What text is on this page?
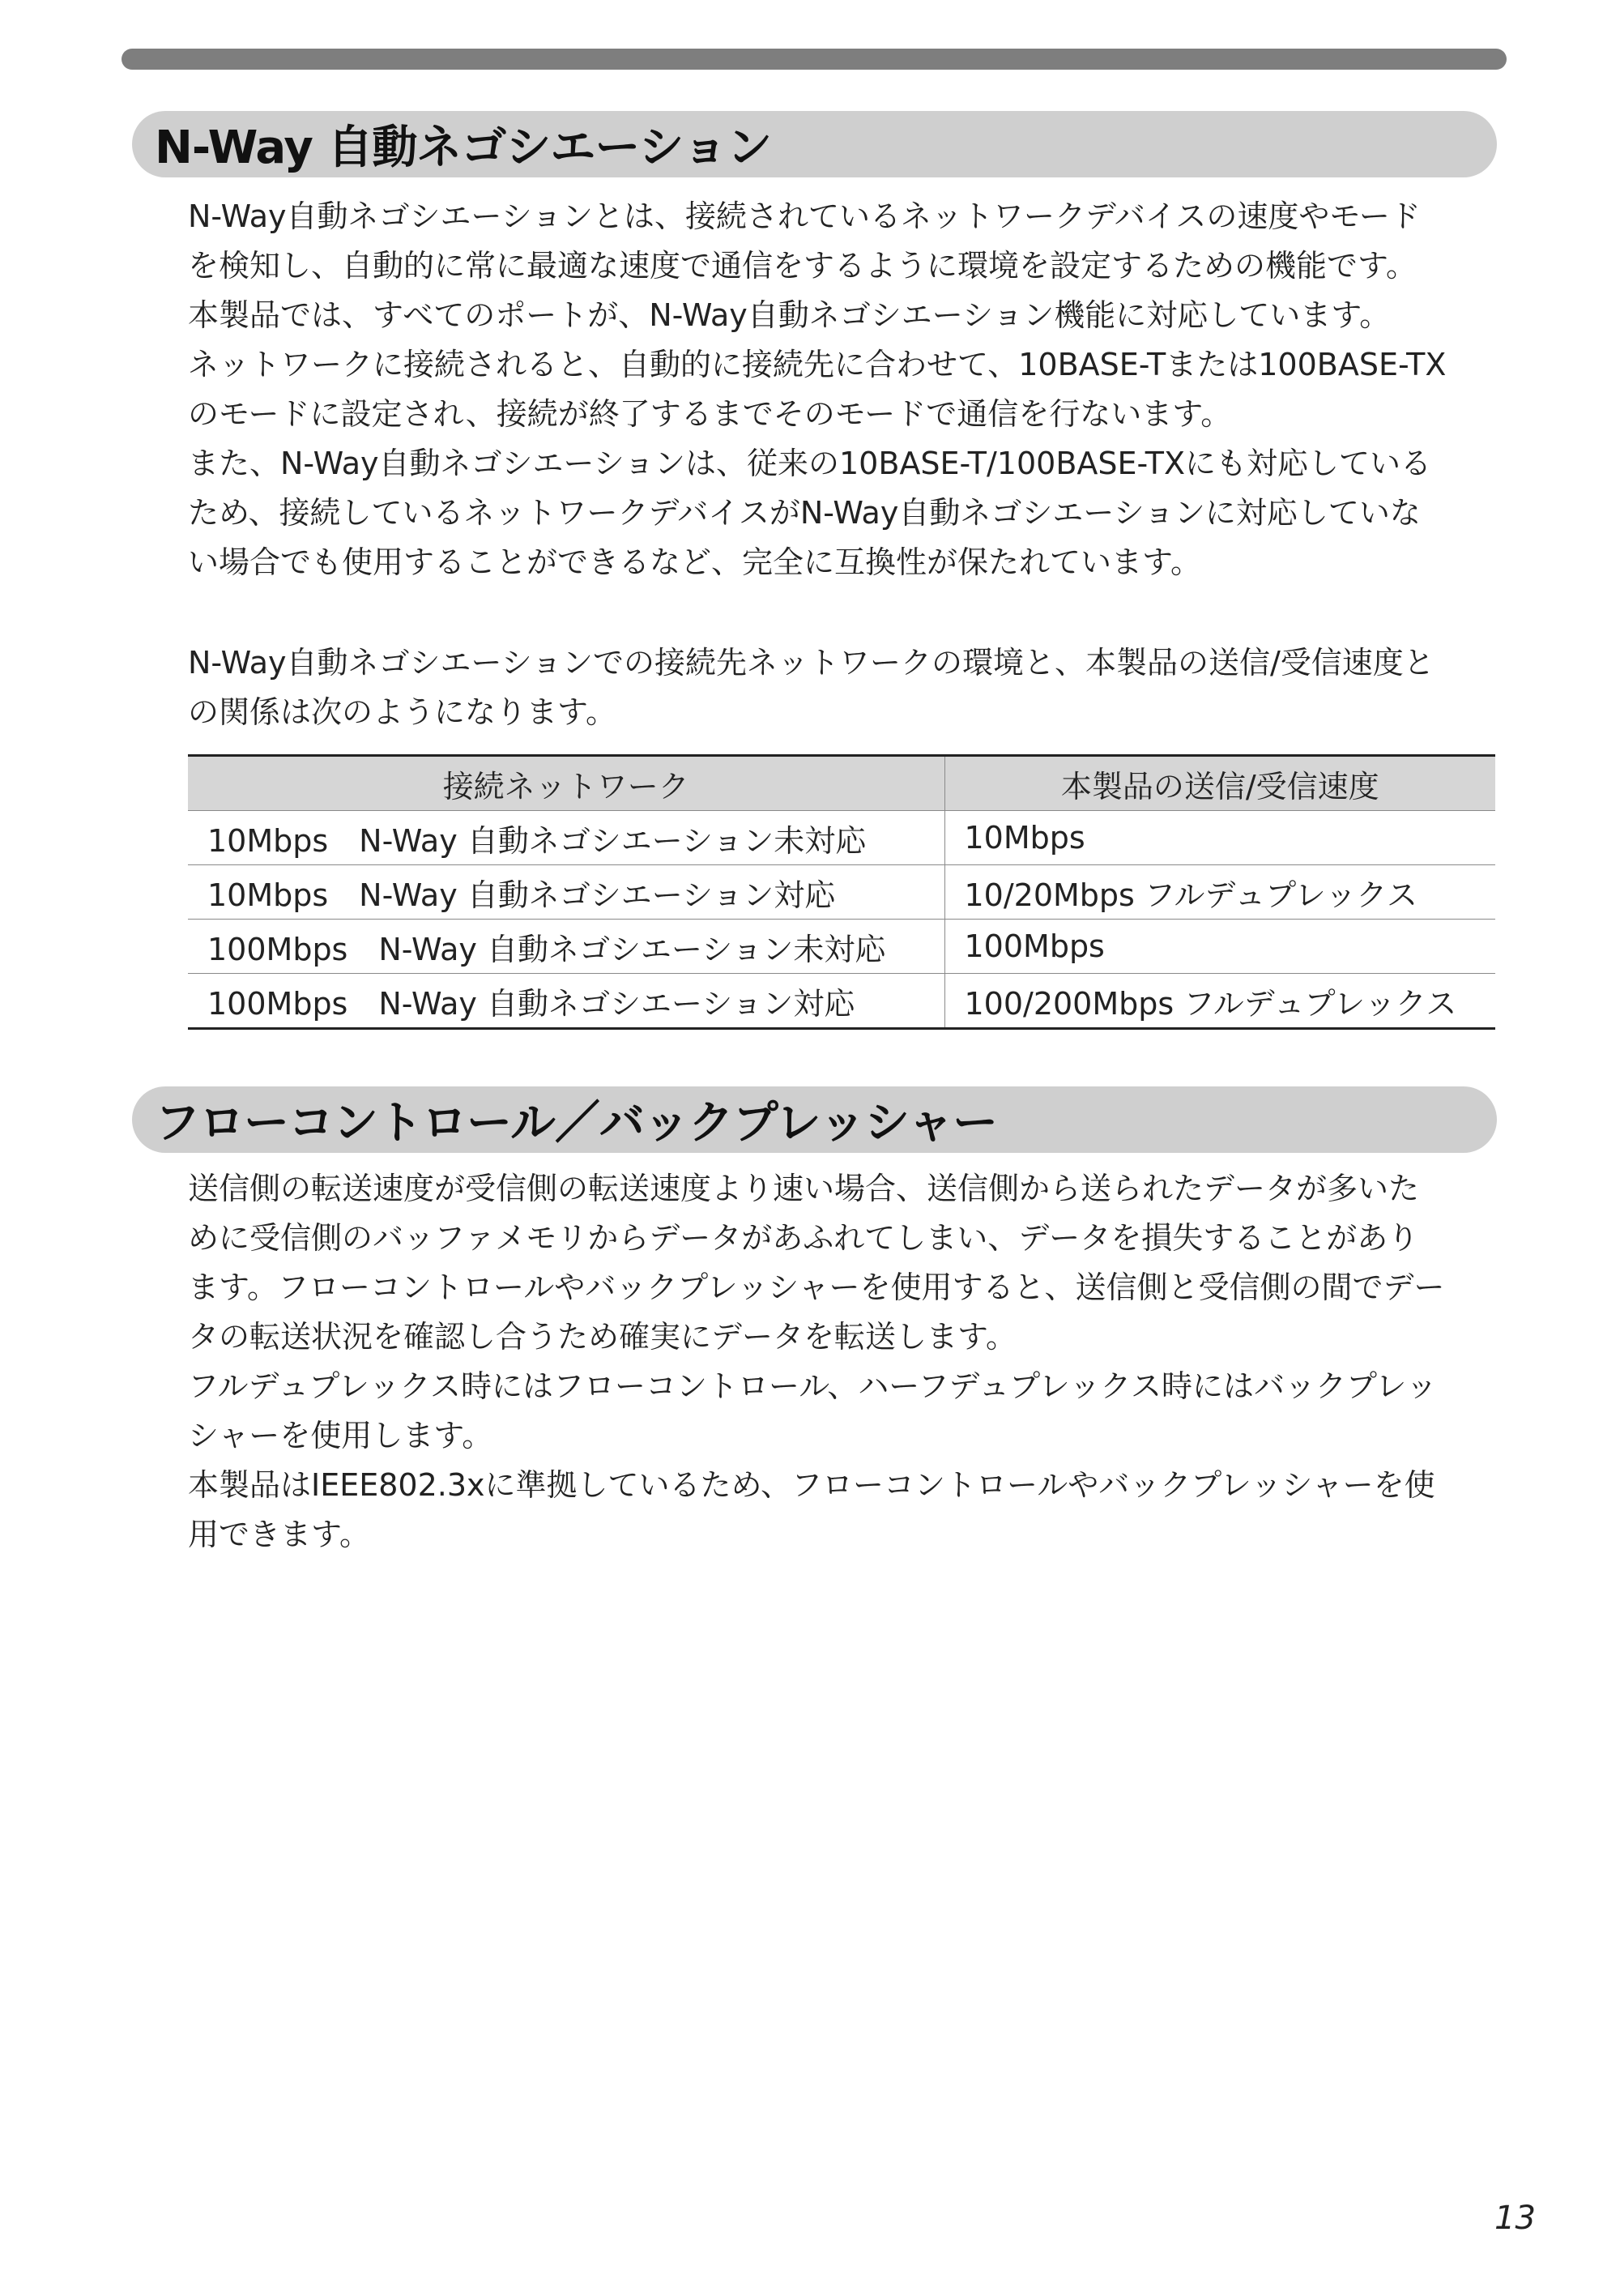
N-Way 自動ネゴシエーション

N-Way自動ネゴシエーションとは、接続されているネットワークデバイスの速度やモード

を検知し、自動的に常に最適な速度で通信をするように環境を設定するための機能です。

本製品では、すべてのポートが、N-Way自動ネゴシエーション機能に対応しています。

ネットワークに接続されると、自動的に接続先に合わせて、10BASE-Tまたは100BASE-TX

のモードに設定され、接続が終了するまでそのモードで通信を行ないます。

また、N-Way自動ネゴシエーションは、従来の10BASE-T/100BASE-TXにも対応している

ため、接続しているネットワークデバイスがN-Way自動ネゴシエーションに対応していな

い場合でも使用することができるなど、完全に互換性が保たれています。

N-Way自動ネゴシエーションでの接続先ネットワークの環境と、本製品の送信/受信速度と

の関係は次のようになります。

接続ネットワーク	本製品の送信/受信速度
10Mbps　N-Way 自動ネゴシエーション未対応	10Mbps
10Mbps　N-Way 自動ネゴシエーション対応	10/20Mbps フルデュプレックス
100Mbps　N-Way 自動ネゴシエーション未対応	100Mbps
100Mbps　N-Way 自動ネゴシエーション対応	100/200Mbps フルデュプレックス
フローコントロール／バックプレッシャー

送信側の転送速度が受信側の転送速度より速い場合、送信側から送られたデータが多いた

めに受信側のバッファメモリからデータがあふれてしまい、データを損失することがあり

ます。フローコントロールやバックプレッシャーを使用すると、送信側と受信側の間でデー

タの転送状況を確認し合うため確実にデータを転送します。

フルデュプレックス時にはフローコントロール、ハーフデュプレックス時にはバックプレッ

シャーを使用します。

本製品はIEEE802.3xに準拠しているため、フローコントロールやバックプレッシャーを使

用できます。

13
